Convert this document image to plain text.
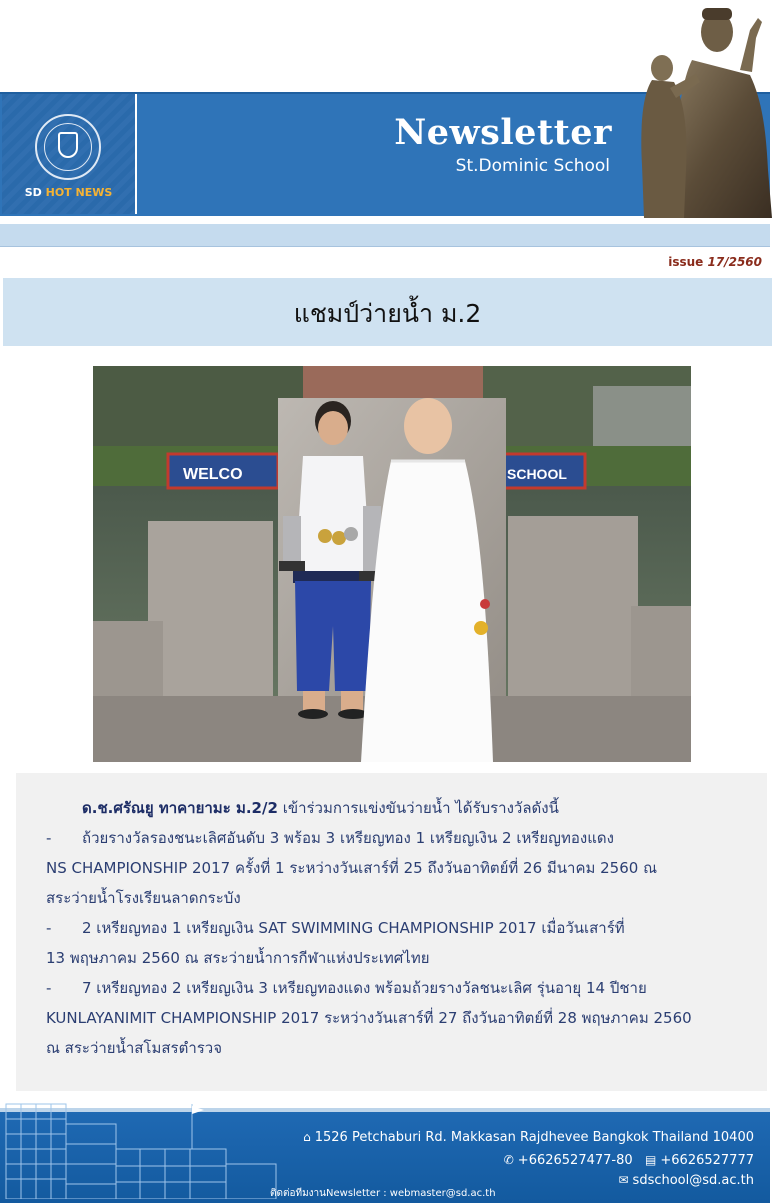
SD HOT NEWS
Newsletter
St.Dominic School
issue 17/2560
แชมป์ว่ายน้ำ ม.2
WELCO	SCHOOL

ด.ช.ศรัณยู ทาคายามะ ม.2/2 เข้าร่วมการแข่งขันว่ายน้ำ ได้รับรางวัลดังนี้

- ถ้วยรางวัลรองชนะเลิศอันดับ 3 พร้อม 3 เหรียญทอง 1 เหรียญเงิน 2 เหรียญทองแดง

NS CHAMPIONSHIP 2017 ครั้งที่ 1 ระหว่างวันเสาร์ที่ 25 ถึงวันอาทิตย์ที่ 26 มีนาคม 2560 ณ

สระว่ายน้ำโรงเรียนลาดกระบัง

- 2 เหรียญทอง 1 เหรียญเงิน SAT SWIMMING CHAMPIONSHIP 2017 เมื่อวันเสาร์ที่

13 พฤษภาคม 2560 ณ สระว่ายน้ำการกีฬาแห่งประเทศไทย

- 7 เหรียญทอง 2 เหรียญเงิน 3 เหรียญทองแดง พร้อมถ้วยรางวัลชนะเลิศ รุ่นอายุ 14 ปีชาย

KUNLAYANIMIT CHAMPIONSHIP 2017 ระหว่างวันเสาร์ที่ 27 ถึงวันอาทิตย์ที่ 28 พฤษภาคม 2560

ณ สระว่ายน้ำสโมสรตำรวจ

⌂ 1526 Petchaburi Rd. Makkasan Rajdhevee Bangkok Thailand 10400
✆ +6626527477-80 ▤ +6626527777
✉ sdschool@sd.ac.th
ติดต่อทีมงานNewsletter : webmaster@sd.ac.th
